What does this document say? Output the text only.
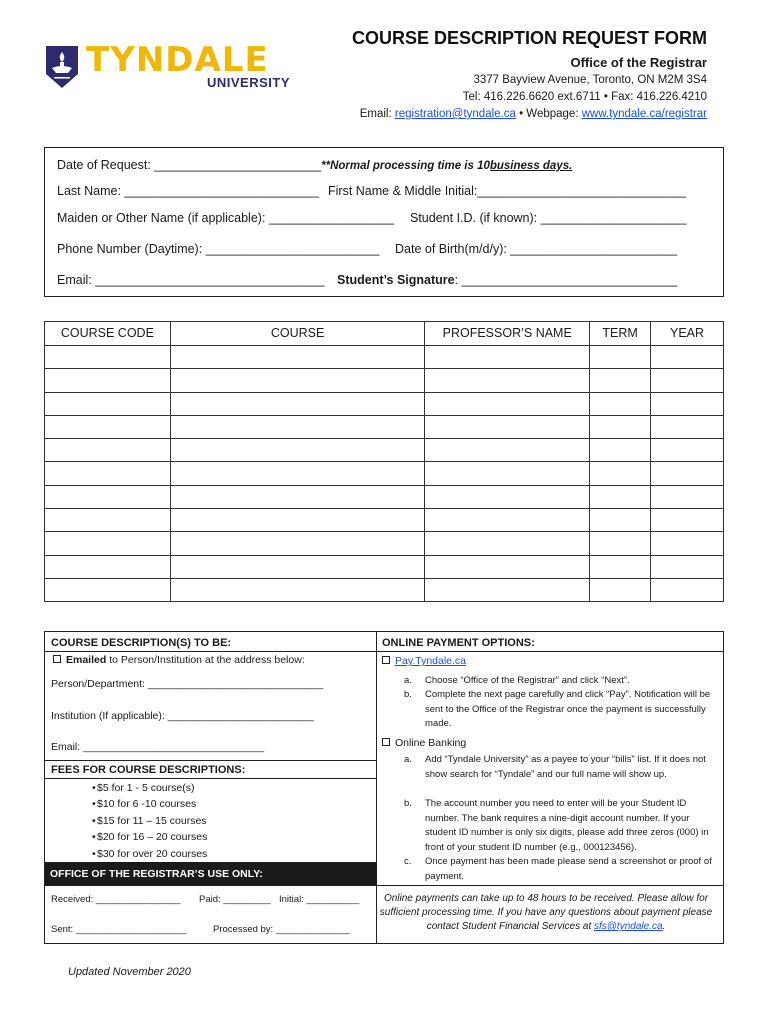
TYNDALE
UNIVERSITY
COURSE DESCRIPTION REQUEST FORM
Office of the Registrar
3377 Bayview Avenue, Toronto, ON M2M 3S4
Tel: 416.226.6620 ext.6711 • Fax: 416.226.4210
Email: registration@tyndale.ca • Webpage: www.tyndale.ca/registrar
Date of Request: ________________________**Normal processing time is 10business days.
Last Name: ____________________________ First Name & Middle Initial:______________________________
Maiden or Other Name (if applicable): __________________ Student I.D. (if known): _____________________
Phone Number (Daytime): _________________________ Date of Birth(m/d/y): ________________________
Email: _________________________________ Student’s Signature: _______________________________
COURSE CODE	COURSE	PROFESSOR’S NAME	TERM	YEAR

COURSE DESCRIPTION(S) TO BE:
Emailed to Person/Institution at the address below:
Person/Department: ______________________________
Institution (If applicable): _________________________
Email: _______________________________
FEES FOR COURSE DESCRIPTIONS:
• $5 for 1 - 5 course(s)
• $10 for 6 -10 courses
• $15 for 11 – 15 courses
• $20 for 16 – 20 courses
• $30 for over 20 courses
OFFICE OF THE REGISTRAR’S USE ONLY:
Received: ________________ Paid: _________ Initial: __________
Sent: _____________________	Processed by: ______________
ONLINE PAYMENT OPTIONS:
Pay.Tyndale.ca
a. Choose “Office of the Registrar” and click “Next”.
b. Complete the next page carefully and click “Pay”. Notification will be sent to the Office of the Registrar once the payment is successfully made.
Online Banking
a. Add “Tyndale University” as a payee to your “bills” list. If it does not show search for “Tyndale” and our full name will show up.
b. The account number you need to enter will be your Student ID number. The bank requires a nine-digit account number. If your student ID number is only six digits, please add three zeros (000) in front of your student ID number (e.g., 000123456).
c. Once payment has been made please send a screenshot or proof of payment.
Online payments can take up to 48 hours to be received. Please allow for sufficient processing time. If you have any questions about payment please contact Student Financial Services at sfs@tyndale.ca.
Updated November 2020
